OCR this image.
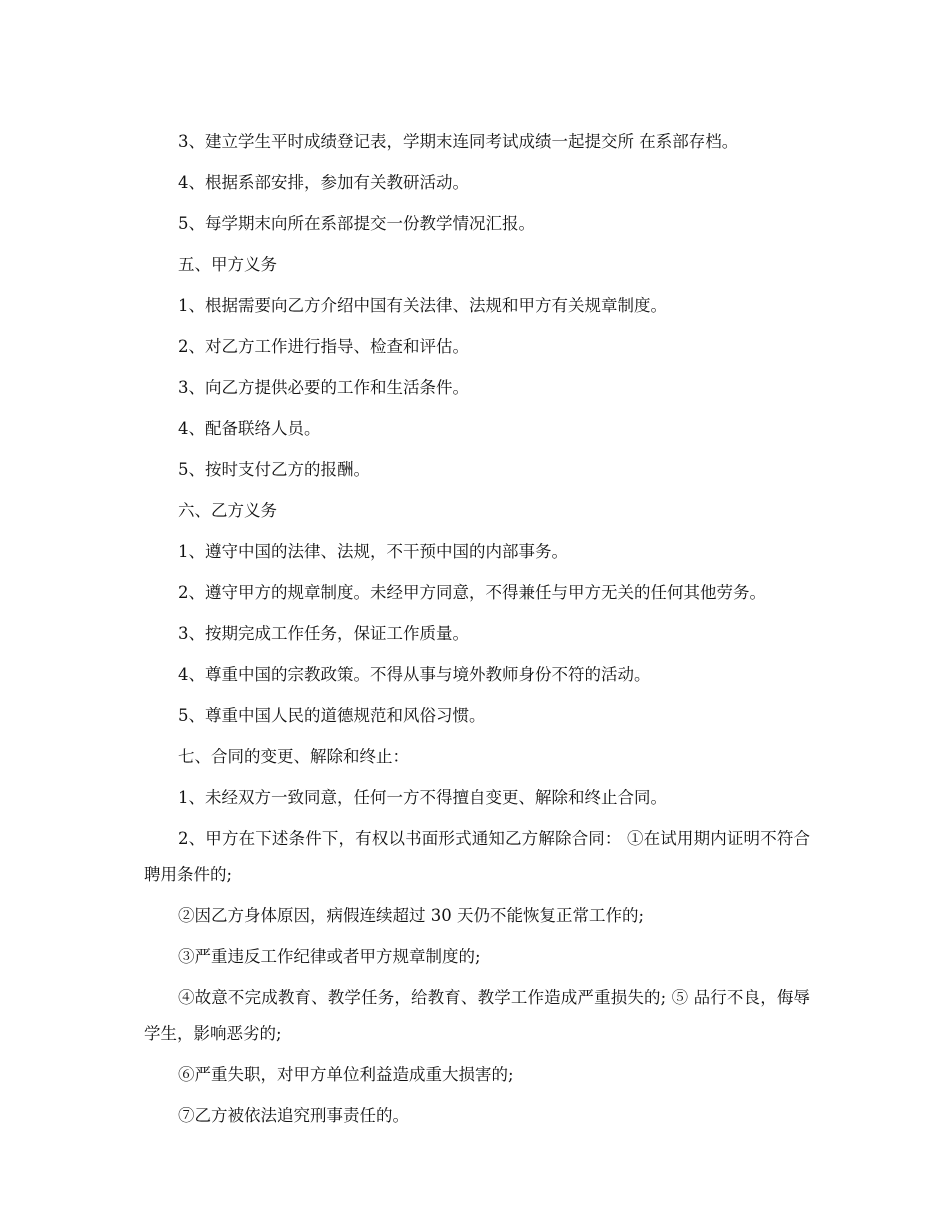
3、建立学生平时成绩登记表，学期末连同考试成绩一起提交所 在系部存档。

4、根据系部安排，参加有关教研活动。

5、每学期末向所在系部提交一份教学情况汇报。

五、甲方义务

1、根据需要向乙方介绍中国有关法律、法规和甲方有关规章制度。

2、对乙方工作进行指导、检查和评估。

3、向乙方提供必要的工作和生活条件。

4、配备联络人员。

5、按时支付乙方的报酬。

六、乙方义务

1、遵守中国的法律、法规，不干预中国的内部事务。

2、遵守甲方的规章制度。未经甲方同意，不得兼任与甲方无关的任何其他劳务。

3、按期完成工作任务，保证工作质量。

4、尊重中国的宗教政策。不得从事与境外教师身份不符的活动。

5、尊重中国人民的道德规范和风俗习惯。

七、合同的变更、解除和终止：

1、未经双方一致同意，任何一方不得擅自变更、解除和终止合同。

2、甲方在下述条件下，有权以书面形式通知乙方解除合同： ①在试用期内证明不符合聘用条件的;

②因乙方身体原因，病假连续超过 30 天仍不能恢复正常工作的;

③严重违反工作纪律或者甲方规章制度的;

④故意不完成教育、教学任务，给教育、教学工作造成严重损失的; ⑤ 品行不良，侮辱学生，影响恶劣的;

⑥严重失职，对甲方单位利益造成重大损害的;

⑦乙方被依法追究刑事责任的。
